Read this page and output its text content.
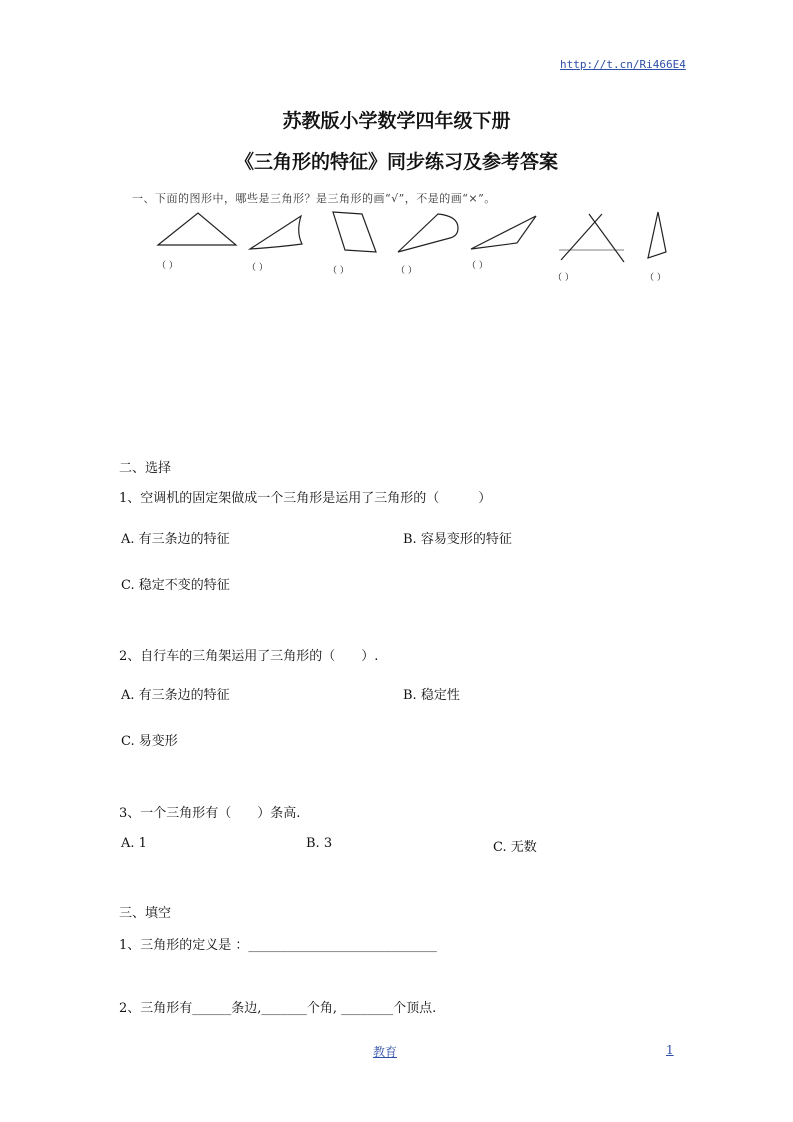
http://t.cn/Ri466E4
苏教版小学数学四年级下册
《三角形的特征》同步练习及参考答案
一、下面的图形中，哪些是三角形？是三角形的画“√”，不是的画“×”。
（ ）	（ ）	（ ）	（ ）	（ ）
（ ）	（ ）
二、选择
1、空调机的固定架做成一个三角形是运用了三角形的（　　　）
A. 有三条边的特征	B. 容易变形的特征
C. 稳定不变的特征
2、自行车的三角架运用了三角形的（　　）.
A. 有三条边的特征	B. 稳定性
C. 易变形
3、一个三角形有（　　）条高.
A. 1	B. 3	C. 无数
三、填空
1、三角形的定义是 ：_____________________________
2、三角形有______条边,_______个角, ________个顶点.
教育	1
